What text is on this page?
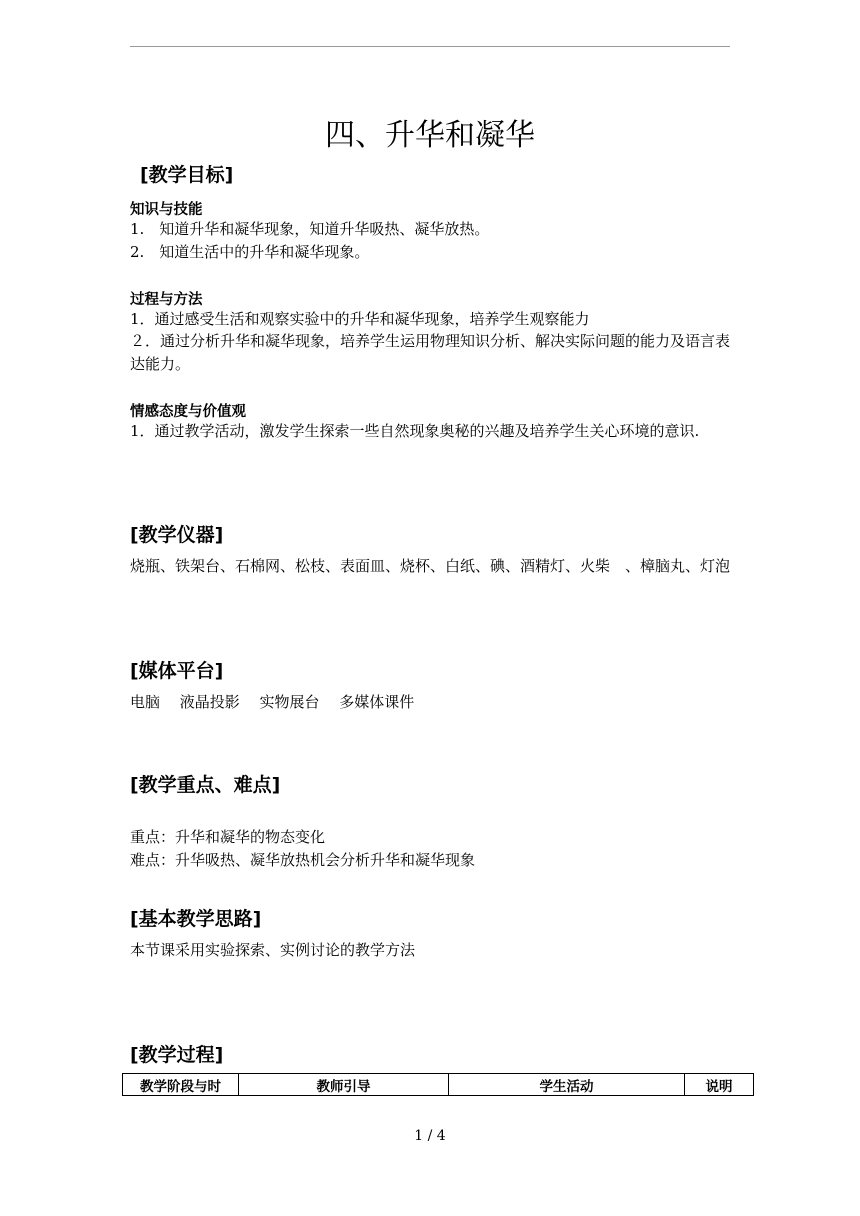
四、升华和凝华
[教学目标]
知识与技能
1.　知道升华和凝华现象，知道升华吸热、凝华放热。
2.　知道生活中的升华和凝华现象。
过程与方法
1．通过感受生活和观察实验中的升华和凝华现象，培养学生观察能力
２．通过分析升华和凝华现象，培养学生运用物理知识分析、解决实际问题的能力及语言表达能力。
情感态度与价值观
1．通过教学活动，激发学生探索一些自然现象奥秘的兴趣及培养学生关心环境的意识.
[教学仪器]
烧瓶、铁架台、石棉网、松枝、表面皿、烧杯、白纸、碘、酒精灯、火柴　、樟脑丸、灯泡
[媒体平台]
电脑　 液晶投影　 实物展台　 多媒体课件
[教学重点、难点]
重点：升华和凝华的物态变化
难点：升华吸热、凝华放热机会分析升华和凝华现象
[基本教学思路]
本节课采用实验探索、实例讨论的教学方法
[教学过程]
教学阶段与时	教师引导	学生活动	说明
1 / 4
